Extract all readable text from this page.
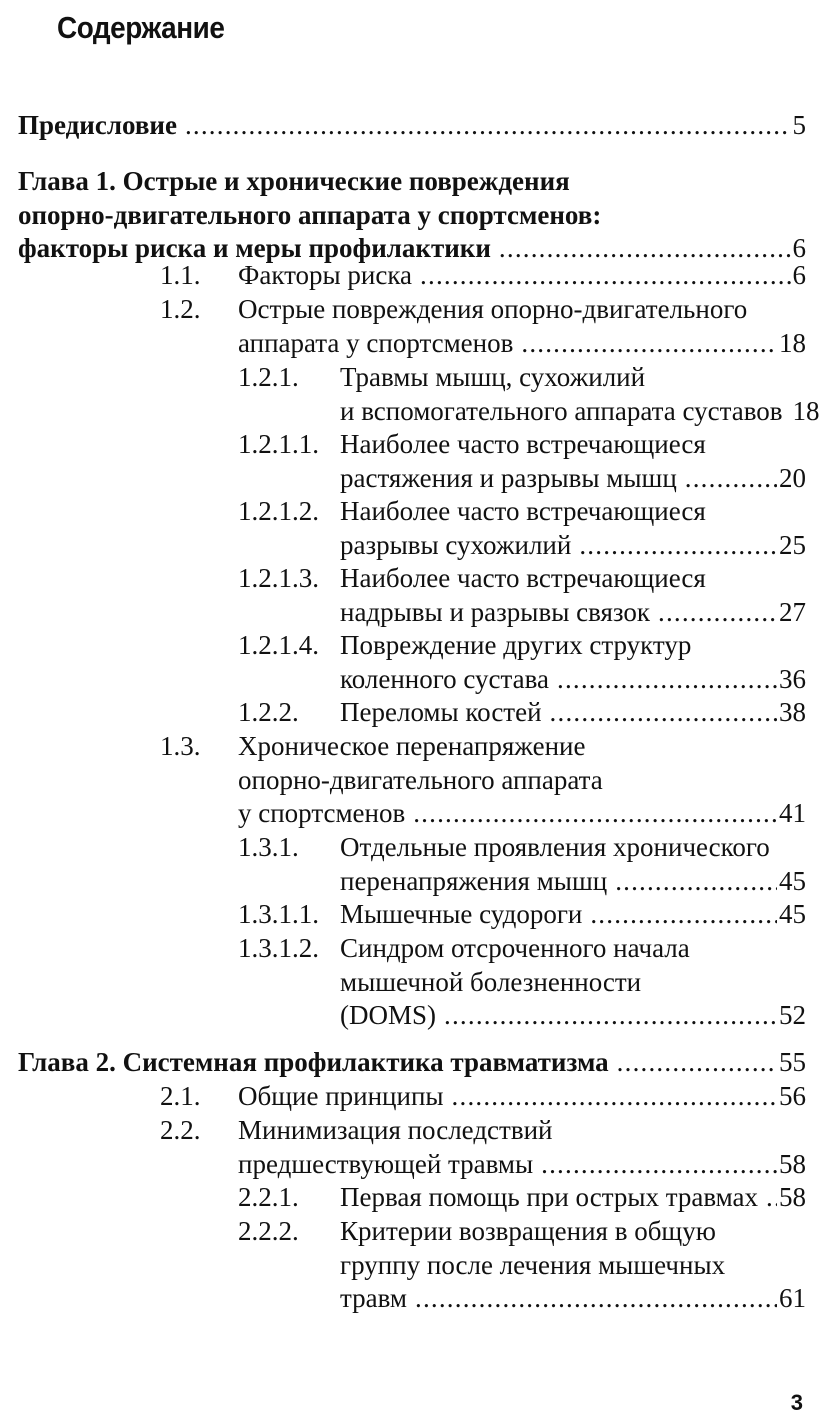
Содержание
Предисловие .....	5
Глава 1. Острые и хронические повреждения
опорно-двигательного аппарата у спортсменов:
факторы риска и меры профилактики .....	6
1.1. Факторы риска .....	6
1.2. Острые повреждения опорно-двигательного
аппарата у спортсменов .....	18
1.2.1. Травмы мышц, сухожилий
и вспомогательного аппарата суставов 18
1.2.1.1. Наиболее часто встречающиеся
растяжения и разрывы мышц .....	20
1.2.1.2. Наиболее часто встречающиеся
разрывы сухожилий .....	25
1.2.1.3. Наиболее часто встречающиеся
надрывы и разрывы связок .....	27
1.2.1.4. Повреждение других структур
коленного сустава .....	36
1.2.2. Переломы костей .....	38
1.3. Хроническое перенапряжение
опорно-двигательного аппарата
у спортсменов .....	41
1.3.1. Отдельные проявления хронического
перенапряжения мышц .....	45
1.3.1.1. Мышечные судороги .....	45
1.3.1.2. Синдром отсроченного начала
мышечной болезненности
(DOMS) .....	52
Глава 2. Системная профилактика травматизма .....	55
2.1. Общие принципы .....	56
2.2. Минимизация последствий
предшествующей травмы .....	58
2.2.1. Первая помощь при острых травмах ..... 58
2.2.2. Критерии возвращения в общую
группу после лечения мышечных
травм .....	61
3
